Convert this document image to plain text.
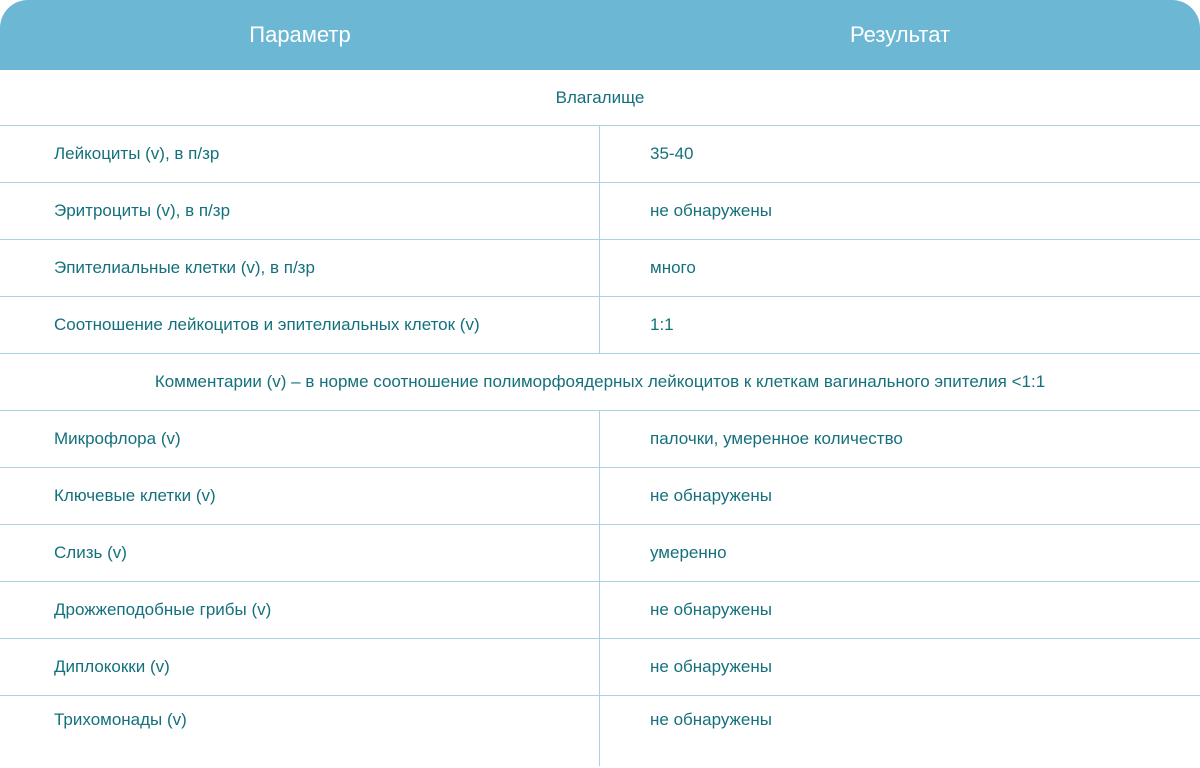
Параметр	Результат
Влагалище
Лейкоциты (v), в п/зр	35-40
Эритроциты (v), в п/зр	не обнаружены
Эпителиальные клетки (v), в п/зр	много
Соотношение лейкоцитов и эпителиальных клеток (v)	1:1
Комментарии (v) – в норме соотношение полиморфоядерных лейкоцитов к клеткам вагинального эпителия <1:1
Микрофлора (v)	палочки, умеренное количество
Ключевые клетки (v)	не обнаружены
Слизь (v)	умеренно
Дрожжеподобные грибы (v)	не обнаружены
Диплококки (v)	не обнаружены
Трихомонады (v)	не обнаружены
